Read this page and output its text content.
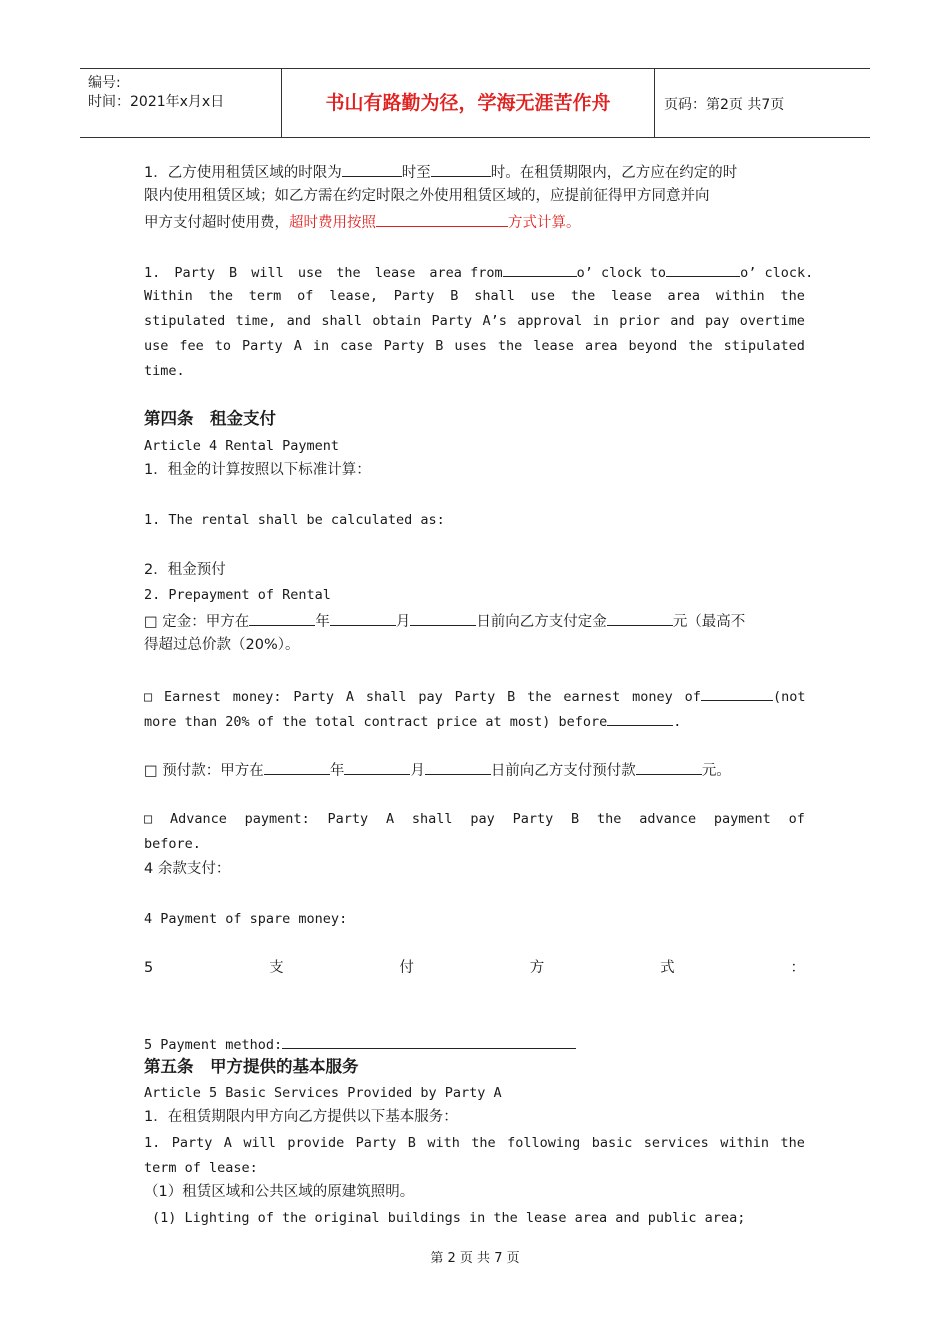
编号:
时间：2021年x月x日	书山有路勤为径，学海无涯苦作舟	页码：第2页 共7页
1．乙方使用租赁区域的时限为	时至	时。在租赁期限内，乙方应在约定的时
限内使用租赁区域；如乙方需在约定时限之外使用租赁区域的，应提前征得甲方同意并向
甲方支付超时使用费，超时费用按照	方式计算。
1. Party B will use the lease area from	o’ clock to	o’ clock.
Within the term of lease, Party B shall use the lease area within the
stipulated time, and shall obtain Party A’s approval in prior and pay overtime
use fee to Party A in case Party B uses the lease area beyond the stipulated
time.
第四条　租金支付
Article 4 Rental Payment
1．租金的计算按照以下标准计算：
1. The rental shall be calculated as:
2．租金预付
2. Prepayment of Rental
□ 定金：甲方在	年	月	日前向乙方支付定金	元（最高不
得超过总价款（20%）。
□ Earnest money: Party A shall pay Party B the earnest money of	(not
more than 20% of the total contract price at most) before	.
□ 预付款：甲方在	年	月	日前向乙方支付预付款	元。
□ Advance payment: Party A shall pay Party B the advance payment of
before.
4 余款支付：
4 Payment of spare money:
5	支	付	方	式	：
5 Payment method:
第五条　甲方提供的基本服务
Article 5 Basic Services Provided by Party A
1．在租赁期限内甲方向乙方提供以下基本服务：
1. Party A will provide Party B with the following basic services within the
term of lease:
（1）租赁区域和公共区域的原建筑照明。
(1) Lighting of the original buildings in the lease area and public area;
第 2 页 共 7 页
